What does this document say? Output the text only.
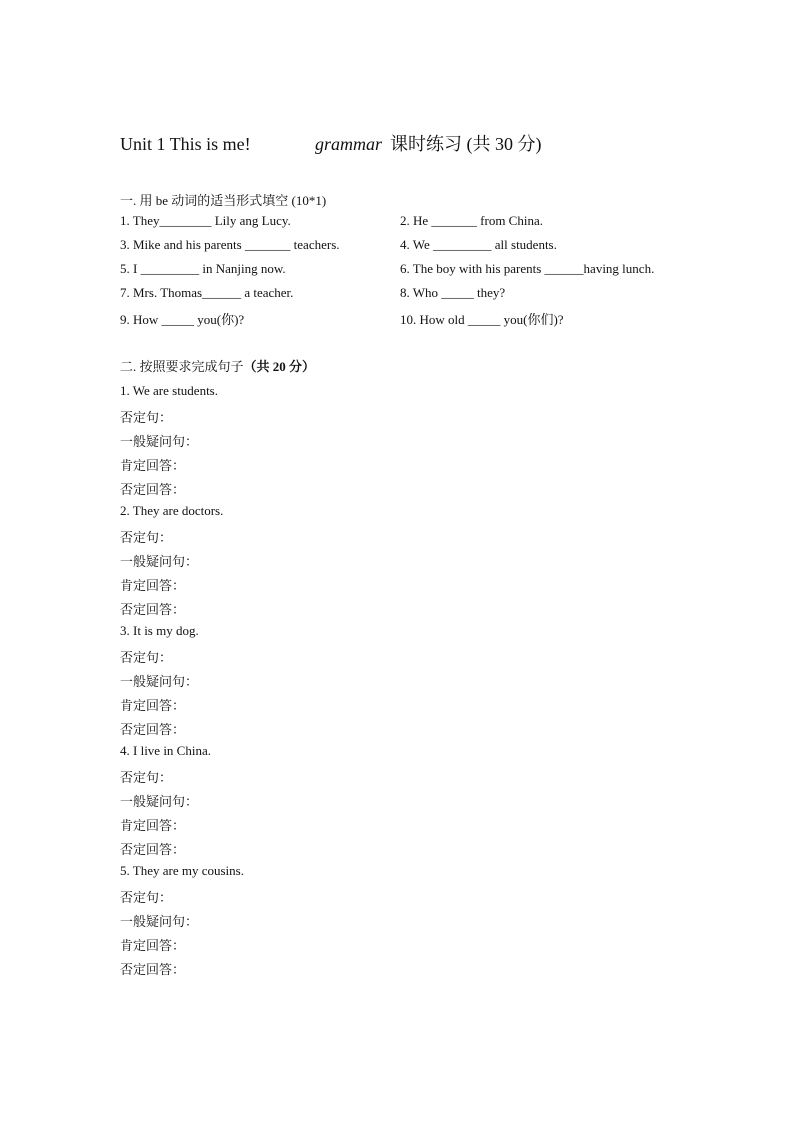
Unit 1 This is me!	grammar 课时练习 (共 30 分)
一. 用 be 动词的适当形式填空 (10*1)
1. They________ Lily ang Lucy.	2. He _______ from China.
3. Mike and his parents _______ teachers.	4. We _________ all students.
5. I _________ in Nanjing now.	6. The boy with his parents ______having lunch.
7. Mrs. Thomas______ a teacher.	8. Who _____ they?
9. How _____ you(你)?	10. How old _____ you(你们)?
二. 按照要求完成句子（共 20 分）
1. We are students.
否定句：
一般疑问句：
肯定回答：
否定回答：
2. They are doctors.
否定句：
一般疑问句：
肯定回答：
否定回答：
3. It is my dog.
否定句：
一般疑问句：
肯定回答：
否定回答：
4. I live in China.
否定句：
一般疑问句：
肯定回答：
否定回答：
5. They are my cousins.
否定句：
一般疑问句：
肯定回答：
否定回答：
